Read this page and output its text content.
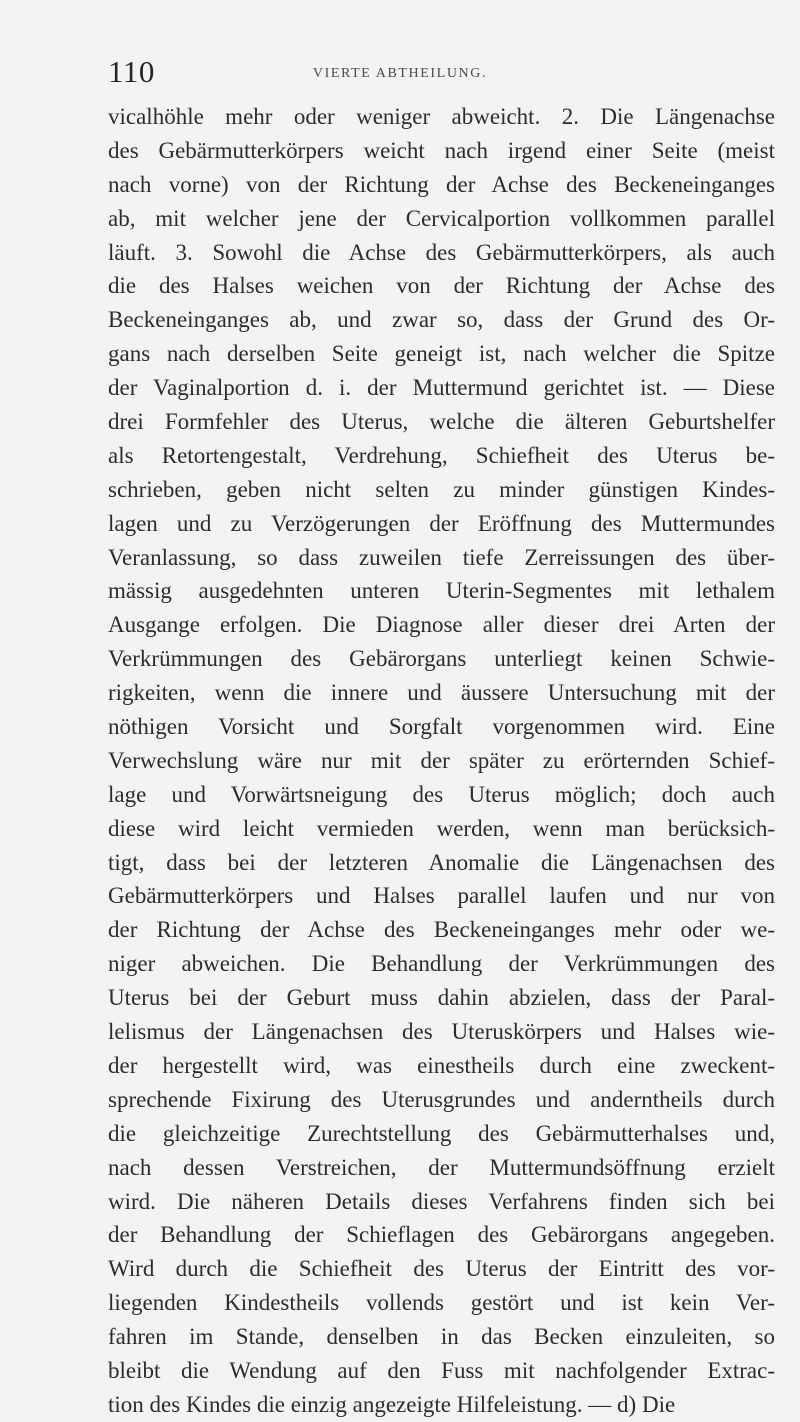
110	VIERTE ABTHEILUNG.
vicalhöhle mehr oder weniger abweicht. 2. Die Längenachse
des Gebärmutterkörpers weicht nach irgend einer Seite (meist
nach vorne) von der Richtung der Achse des Beckeneinganges
ab, mit welcher jene der Cervicalportion vollkommen parallel
läuft. 3. Sowohl die Achse des Gebärmutterkörpers, als auch
die des Halses weichen von der Richtung der Achse des
Beckeneinganges ab, und zwar so, dass der Grund des Or-
gans nach derselben Seite geneigt ist, nach welcher die Spitze
der Vaginalportion d. i. der Muttermund gerichtet ist. — Diese
drei Formfehler des Uterus, welche die älteren Geburtshelfer
als Retortengestalt, Verdrehung, Schiefheit des Uterus be-
schrieben, geben nicht selten zu minder günstigen Kindes-
lagen und zu Verzögerungen der Eröffnung des Muttermundes
Veranlassung, so dass zuweilen tiefe Zerreissungen des über-
mässig ausgedehnten unteren Uterin-Segmentes mit lethalem
Ausgange erfolgen. Die Diagnose aller dieser drei Arten der
Verkrümmungen des Gebärorgans unterliegt keinen Schwie-
rigkeiten, wenn die innere und äussere Untersuchung mit der
nöthigen Vorsicht und Sorgfalt vorgenommen wird. Eine
Verwechslung wäre nur mit der später zu erörternden Schief-
lage und Vorwärtsneigung des Uterus möglich; doch auch
diese wird leicht vermieden werden, wenn man berücksich-
tigt, dass bei der letzteren Anomalie die Längenachsen des
Gebärmutterkörpers und Halses parallel laufen und nur von
der Richtung der Achse des Beckeneinganges mehr oder we-
niger abweichen. Die Behandlung der Verkrümmungen des
Uterus bei der Geburt muss dahin abzielen, dass der Paral-
lelismus der Längenachsen des Uteruskörpers und Halses wie-
der hergestellt wird, was einestheils durch eine zweckent-
sprechende Fixirung des Uterusgrundes und anderntheils durch
die gleichzeitige Zurechtstellung des Gebärmutterhalses und,
nach dessen Verstreichen, der Muttermundsöffnung erzielt
wird. Die näheren Details dieses Verfahrens finden sich bei
der Behandlung der Schieflagen des Gebärorgans angegeben.
Wird durch die Schiefheit des Uterus der Eintritt des vor-
liegenden Kindestheils vollends gestört und ist kein Ver-
fahren im Stande, denselben in das Becken einzuleiten, so
bleibt die Wendung auf den Fuss mit nachfolgender Extrac-
tion des Kindes die einzig angezeigte Hilfeleistung. — d) Die
